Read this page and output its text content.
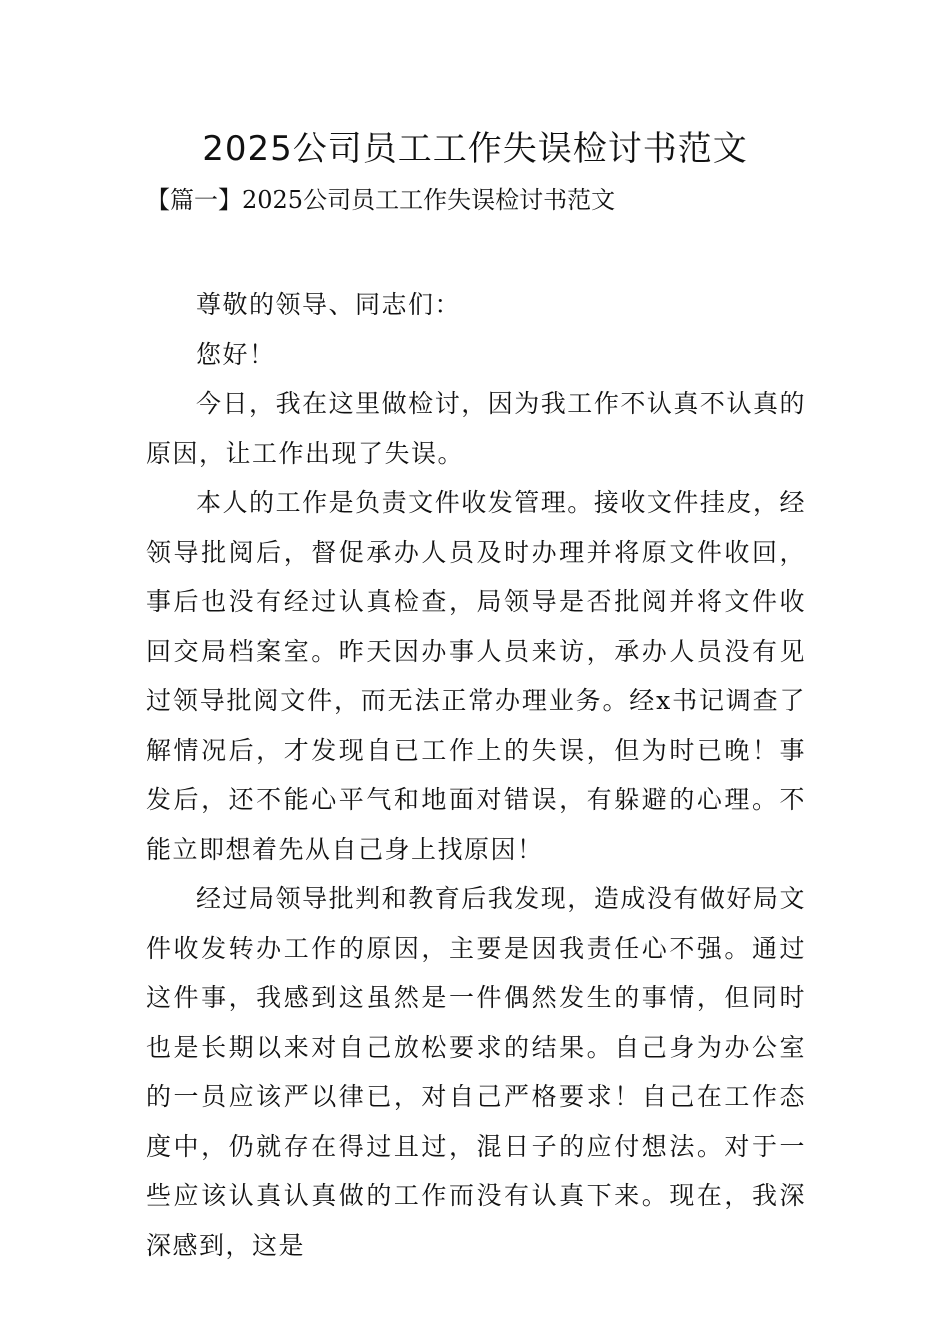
2025公司员工工作失误检讨书范文
【篇一】2025公司员工工作失误检讨书范文

尊敬的领导、同志们：

您好！

今日，我在这里做检讨，因为我工作不认真不认真的原因，让工作出现了失误。

本人的工作是负责文件收发管理。接收文件挂皮，经领导批阅后，督促承办人员及时办理并将原文件收回，事后也没有经过认真检查，局领导是否批阅并将文件收回交局档案室。昨天因办事人员来访，承办人员没有见过领导批阅文件，而无法正常办理业务。经x书记调查了解情况后，才发现自已工作上的失误，但为时已晚！事发后，还不能心平气和地面对错误，有躲避的心理。不能立即想着先从自己身上找原因！

经过局领导批判和教育后我发现，造成没有做好局文件收发转办工作的原因，主要是因我责任心不强。通过这件事，我感到这虽然是一件偶然发生的事情，但同时也是长期以来对自己放松要求的结果。自己身为办公室的一员应该严以律已，对自己严格要求！自己在工作态度中，仍就存在得过且过，混日子的应付想法。对于一些应该认真认真做的工作而没有认真下来。现在，我深深感到，这是
